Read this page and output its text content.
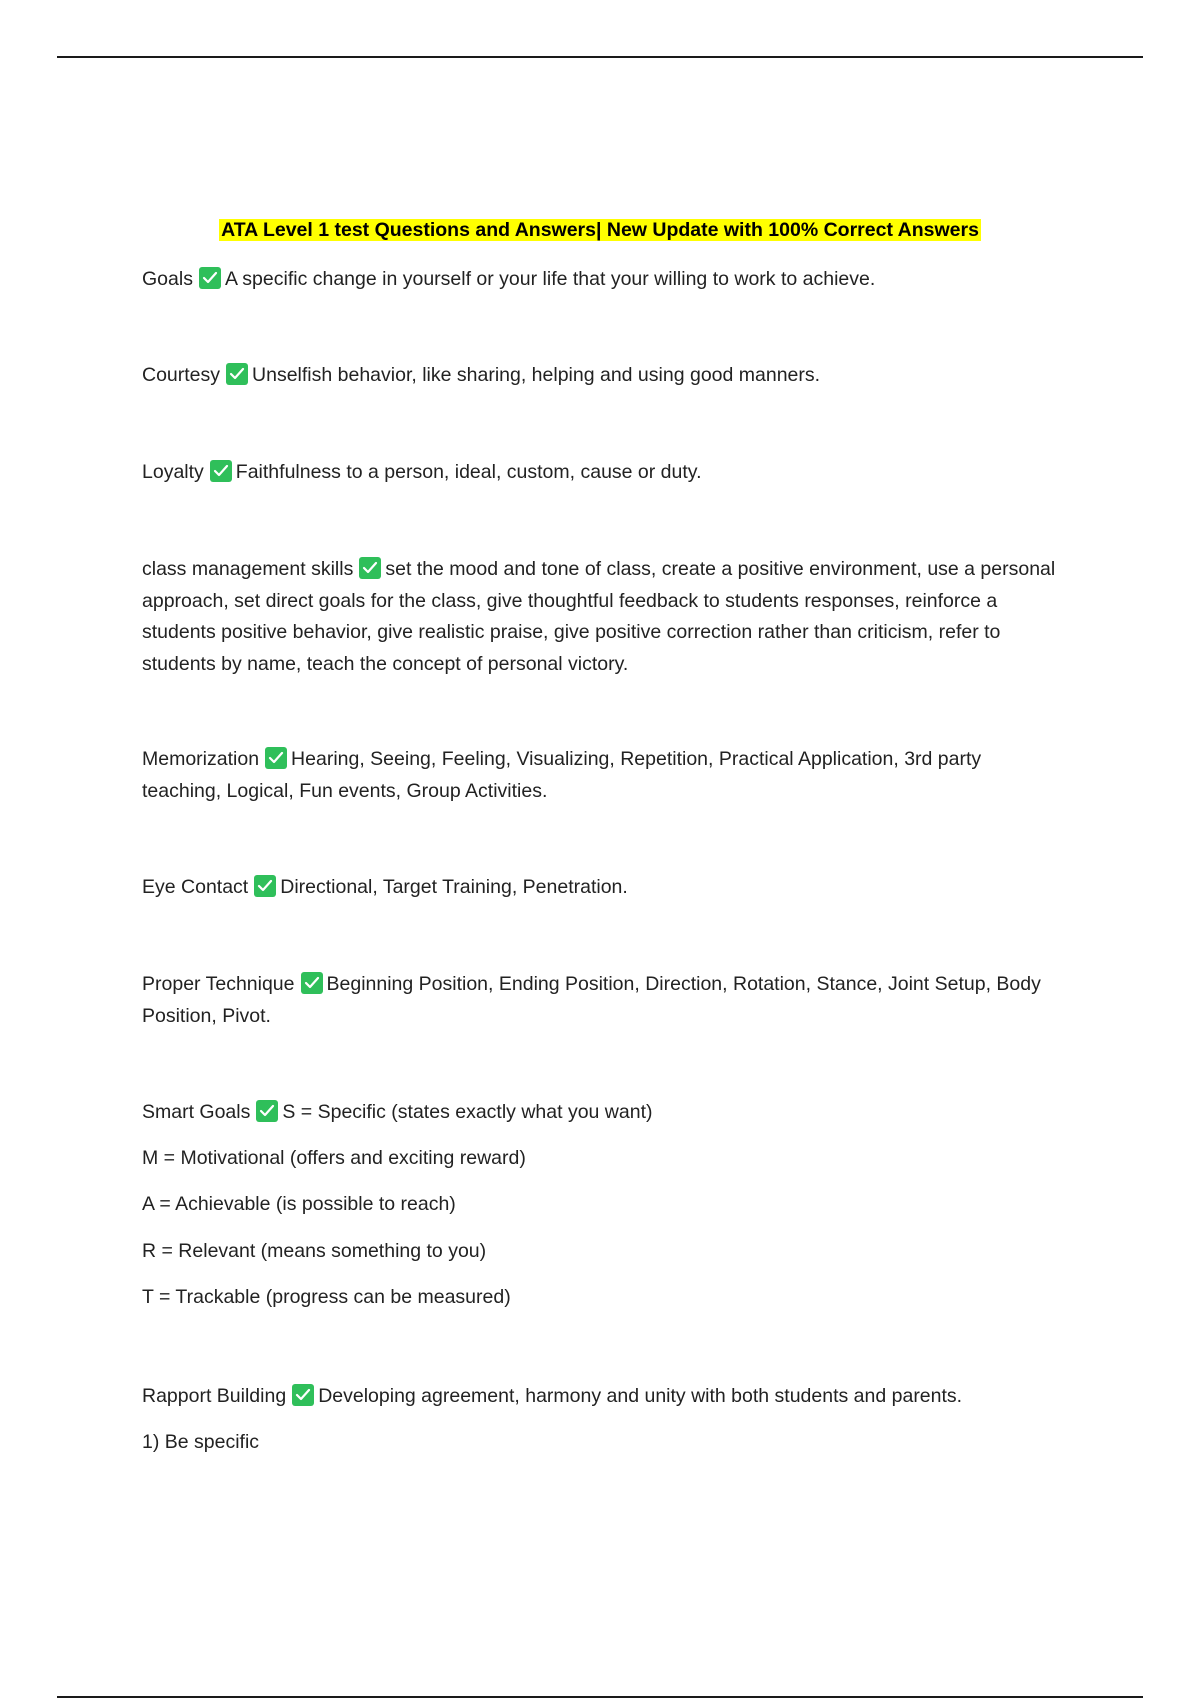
ATA Level 1 test Questions and Answers| New Update with 100% Correct Answers

Goals A specific change in yourself or your life that your willing to work to achieve.

Courtesy Unselfish behavior, like sharing, helping and using good manners.

Loyalty Faithfulness to a person, ideal, custom, cause or duty.

class management skills set the mood and tone of class, create a positive environment, use a personal approach, set direct goals for the class, give thoughtful feedback to students responses, reinforce a students positive behavior, give realistic praise, give positive correction rather than criticism, refer to students by name, teach the concept of personal victory.

Memorization Hearing, Seeing, Feeling, Visualizing, Repetition, Practical Application, 3rd party teaching, Logical, Fun events, Group Activities.

Eye Contact Directional, Target Training, Penetration.

Proper Technique Beginning Position, Ending Position, Direction, Rotation, Stance, Joint Setup, Body Position, Pivot.

Smart Goals S = Specific (states exactly what you want)

M = Motivational (offers and exciting reward)

A = Achievable (is possible to reach)

R = Relevant (means something to you)

T = Trackable (progress can be measured)

Rapport Building Developing agreement, harmony and unity with both students and parents.

1) Be specific
